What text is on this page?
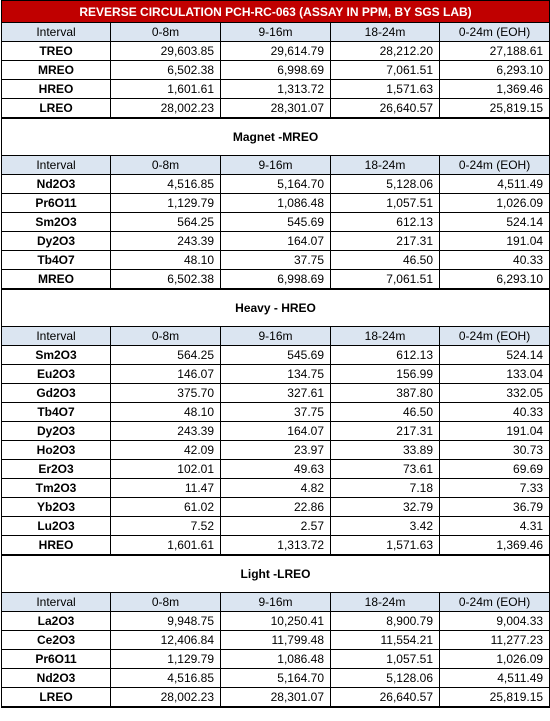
REVERSE CIRCULATION PCH-RC-063 (ASSAY IN PPM, BY SGS LAB)				
Interval	0-8m	9-16m	18-24m	0-24m (EOH)
TREO	29,603.85	29,614.79	28,212.20	27,188.61
MREO	6,502.38	6,998.69	7,061.51	6,293.10
HREO	1,601.61	1,313.72	1,571.63	1,369.46
LREO	28,002.23	28,301.07	26,640.57	25,819.15
Magnet -MREO				
Interval	0-8m	9-16m	18-24m	0-24m (EOH)
Nd2O3	4,516.85	5,164.70	5,128.06	4,511.49
Pr6O11	1,129.79	1,086.48	1,057.51	1,026.09
Sm2O3	564.25	545.69	612.13	524.14
Dy2O3	243.39	164.07	217.31	191.04
Tb4O7	48.10	37.75	46.50	40.33
MREO	6,502.38	6,998.69	7,061.51	6,293.10
Heavy - HREO				
Interval	0-8m	9-16m	18-24m	0-24m (EOH)
Sm2O3	564.25	545.69	612.13	524.14
Eu2O3	146.07	134.75	156.99	133.04
Gd2O3	375.70	327.61	387.80	332.05
Tb4O7	48.10	37.75	46.50	40.33
Dy2O3	243.39	164.07	217.31	191.04
Ho2O3	42.09	23.97	33.89	30.73
Er2O3	102.01	49.63	73.61	69.69
Tm2O3	11.47	4.82	7.18	7.33
Yb2O3	61.02	22.86	32.79	36.79
Lu2O3	7.52	2.57	3.42	4.31
HREO	1,601.61	1,313.72	1,571.63	1,369.46
Light -LREO				
Interval	0-8m	9-16m	18-24m	0-24m (EOH)
La2O3	9,948.75	10,250.41	8,900.79	9,004.33
Ce2O3	12,406.84	11,799.48	11,554.21	11,277.23
Pr6O11	1,129.79	1,086.48	1,057.51	1,026.09
Nd2O3	4,516.85	5,164.70	5,128.06	4,511.49
LREO	28,002.23	28,301.07	26,640.57	25,819.15
